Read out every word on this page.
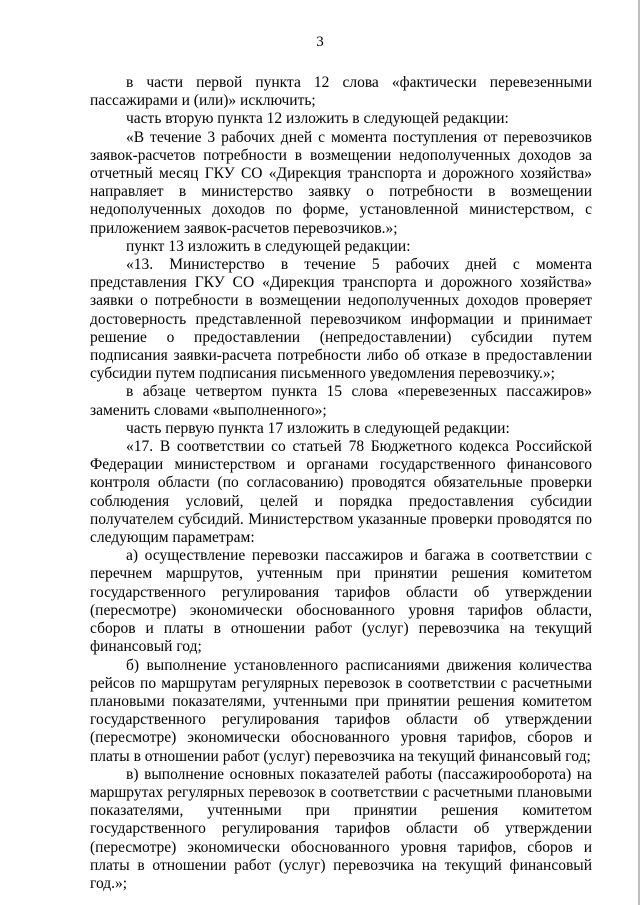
3

в части первой пункта 12 слова «фактически перевезенными пассажирами и (или)» исключить;

часть вторую пункта 12 изложить в следующей редакции:

«В течение 3 рабочих дней с момента поступления от перевозчиков заявок-расчетов потребности в возмещении недополученных доходов за отчетный месяц ГКУ СО «Дирекция транспорта и дорожного хозяйства» направляет в министерство заявку о потребности в возмещении недополученных доходов по форме, установленной министерством, с приложением заявок-расчетов перевозчиков.»;

пункт 13 изложить в следующей редакции:

«13. Министерство в течение 5 рабочих дней с момента представления ГКУ СО «Дирекция транспорта и дорожного хозяйства» заявки о потребности в возмещении недополученных доходов проверяет достоверность представленной перевозчиком информации и принимает решение о предоставлении (непредоставлении) субсидии путем подписания заявки-расчета потребности либо об отказе в предоставлении субсидии путем подписания письменного уведомления перевозчику.»;

в абзаце четвертом пункта 15 слова «перевезенных пассажиров» заменить словами «выполненного»;

часть первую пункта 17 изложить в следующей редакции:

«17. В соответствии со статьей 78 Бюджетного кодекса Российской Федерации министерством и органами государственного финансового контроля области (по согласованию) проводятся обязательные проверки соблюдения условий, целей и порядка предоставления субсидии получателем субсидий. Министерством указанные проверки проводятся по следующим параметрам:

а) осуществление перевозки пассажиров и багажа в соответствии с перечнем маршрутов, учтенным при принятии решения комитетом государственного регулирования тарифов области об утверждении (пересмотре) экономически обоснованного уровня тарифов области, сборов и платы в отношении работ (услуг) перевозчика на текущий финансовый год;

б) выполнение установленного расписаниями движения количества рейсов по маршрутам регулярных перевозок в соответствии с расчетными плановыми показателями, учтенными при принятии решения комитетом государственного регулирования тарифов области об утверждении (пересмотре) экономически обоснованного уровня тарифов, сборов и платы в отношении работ (услуг) перевозчика на текущий финансовый год;

в) выполнение основных показателей работы (пассажирооборота) на маршрутах регулярных перевозок в соответствии с расчетными плановыми показателями, учтенными при принятии решения комитетом государственного регулирования тарифов области об утверждении (пересмотре) экономически обоснованного уровня тарифов, сборов и платы в отношении работ (услуг) перевозчика на текущий финансовый год.»;
